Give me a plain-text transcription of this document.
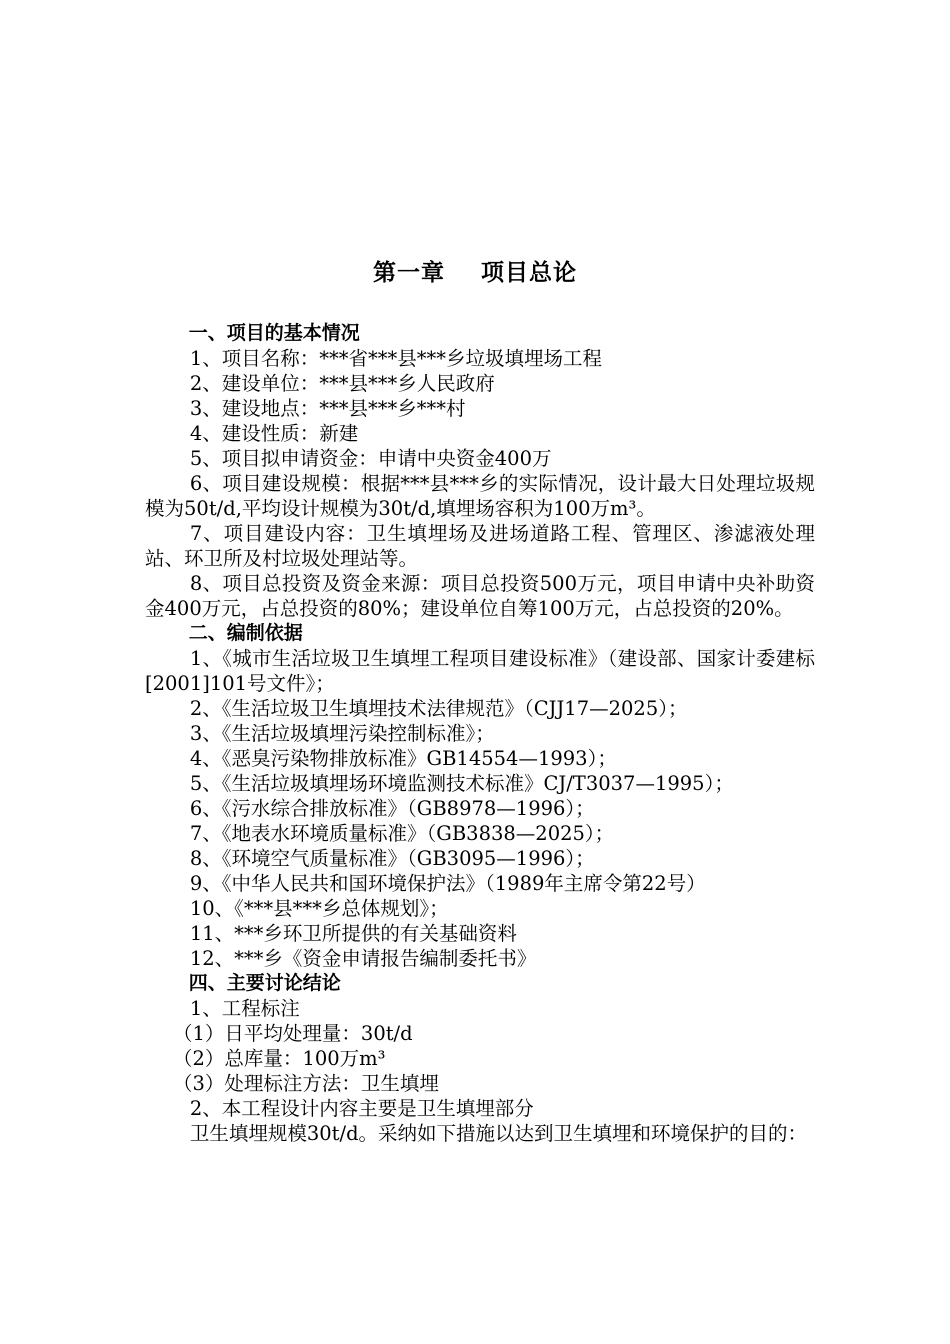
第一章 项目总论

一、项目的基本情况

1、项目名称：***省***县***乡垃圾填埋场工程

2、建设单位：***县***乡人民政府

3、建设地点：***县***乡***村

4、建设性质：新建

5、项目拟申请资金：申请中央资金400万

6、项目建设规模：根据***县***乡的实际情况，设计最大日处理垃圾规模为50t/d,平均设计规模为30t/d,填埋场容积为100万m³。

7、项目建设内容：卫生填埋场及进场道路工程、管理区、渗滤液处理站、环卫所及村垃圾处理站等。

8、项目总投资及资金来源：项目总投资500万元，项目申请中央补助资金400万元，占总投资的80%；建设单位自筹100万元，占总投资的20%。

二、编制依据

1、《城市生活垃圾卫生填埋工程项目建设标准》（建设部、国家计委建标[2001]101号文件》；

2、《生活垃圾卫生填埋技术法律规范》（CJJ17—2025）；

3、《生活垃圾填埋污染控制标准》；

4、《恶臭污染物排放标准》GB14554—1993）；

5、《生活垃圾填埋场环境监测技术标准》CJ/T3037—1995）；

6、《污水综合排放标准》（GB8978—1996）；

7、《地表水环境质量标准》（GB3838—2025）；

8、《环境空气质量标准》（GB3095—1996）；

9、《中华人民共和国环境保护法》（1989年主席令第22号）

10、《***县***乡总体规划》；

11、***乡环卫所提供的有关基础资料

12、***乡《资金申请报告编制委托书》

四、主要讨论结论

1、工程标注

（1）日平均处理量：30t/d

（2）总库量：100万m³

（3）处理标注方法：卫生填埋

2、本工程设计内容主要是卫生填埋部分

卫生填埋规模30t/d。采纳如下措施以达到卫生填埋和环境保护的目的：
